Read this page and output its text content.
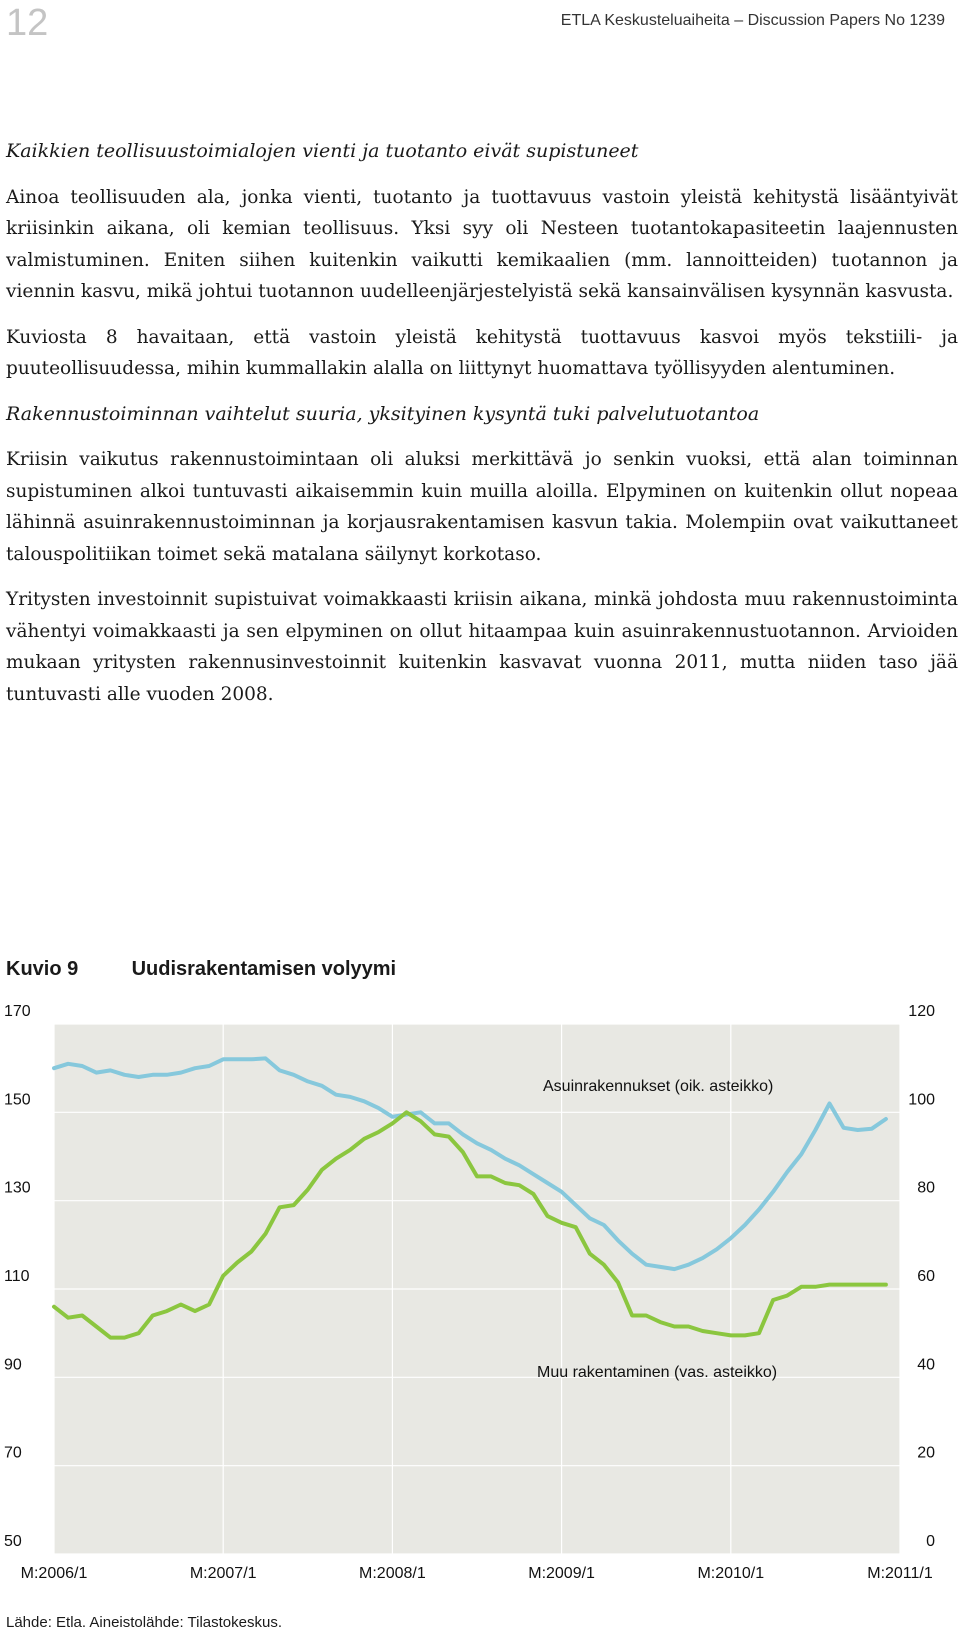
12	ETLA Keskusteluaiheita – Discussion Papers No 1239
Kaikkien teollisuustoimialojen vienti ja tuotanto eivät supistuneet

Ainoa teollisuuden ala, jonka vienti, tuotanto ja tuottavuus vastoin yleistä kehitystä lisääntyivät kriisinkin aikana, oli kemian teollisuus. Yksi syy oli Nesteen tuotantokapasiteetin laajennusten valmistuminen. Eniten siihen kuitenkin vaikutti kemikaalien (mm. lannoitteiden) tuotannon ja viennin kasvu, mikä johtui tuotannon uudelleenjärjestelyistä sekä kansainvälisen kysynnän kasvusta.

Kuviosta 8 havaitaan, että vastoin yleistä kehitystä tuottavuus kasvoi myös tekstiili- ja puuteollisuudessa, mihin kummallakin alalla on liittynyt huomattava työllisyyden alentuminen.

Rakennustoiminnan vaihtelut suuria, yksityinen kysyntä tuki palvelutuotantoa

Kriisin vaikutus rakennustoimintaan oli aluksi merkittävä jo senkin vuoksi, että alan toiminnan supistuminen alkoi tuntuvasti aikaisemmin kuin muilla aloilla. Elpyminen on kuitenkin ollut nopeaa lähinnä asuinrakennustoiminnan ja korjausrakentamisen kasvun takia. Molempiin ovat vaikuttaneet talouspolitiikan toimet sekä matalana säilynyt korkotaso.

Yritysten investoinnit supistuivat voimakkaasti kriisin aikana, minkä johdosta muu rakennustoiminta vähentyi voimakkaasti ja sen elpyminen on ollut hitaampaa kuin asuinrakennustuotannon. Arvioiden mukaan yritysten rakennusinvestoinnit kuitenkin kasvavat vuonna 2011, mutta niiden taso jää tuntuvasti alle vuoden 2008.

Kuvio 9	Uudisrakentamisen volyymi
50
70
90
110
130
150
170
0
20
40
60
80
100
120
M:2006/1	M:2007/1	M:2008/1	M:2009/1	M:2010/1	M:2011/1
Asuinrakennukset (oik. asteikko)
Muu rakentaminen (vas. asteikko)
Lähde: Etla. Aineistolähde: Tilastokeskus.
